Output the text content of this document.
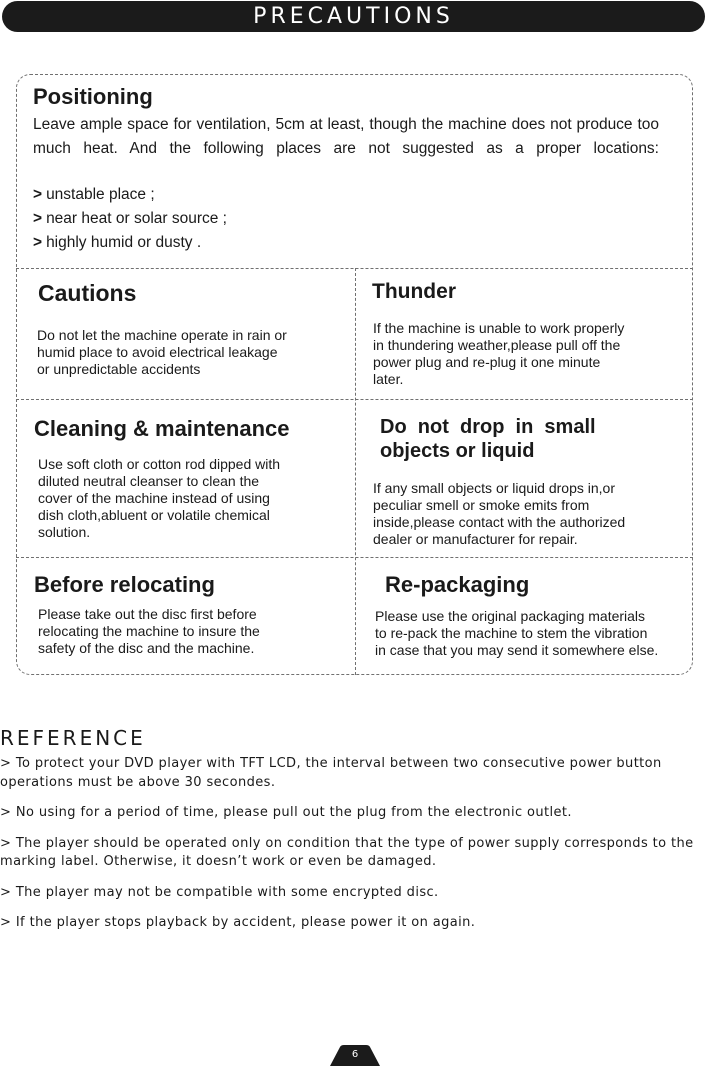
PRECAUTIONS
Positioning
Leave ample space for ventilation, 5cm at least, though the machine does not produce too much heat. And the following places are not suggested as a proper locations:
> unstable place ;
> near heat or solar source ;
> highly humid or dusty .
Cautions
Do not let the machine operate in rain or
humid place to avoid electrical leakage
or unpredictable accidents
Thunder
If the machine is unable to work properly
in thundering weather,please pull off the
power plug and re-plug it one minute
later.
Cleaning & maintenance
Use soft cloth or cotton rod dipped with
diluted neutral cleanser to clean the
cover of the machine instead of using
dish cloth,abluent or volatile chemical
solution.
Do  not  drop  in  small
objects or liquid
If any small objects or liquid drops in,or
peculiar smell or smoke emits from
inside,please contact with the authorized
dealer or manufacturer for repair.
Before relocating
Please take out the disc first before
relocating the machine to insure the
safety of the disc and the machine.
Re-packaging
Please use the original packaging materials
to re-pack the machine to stem the vibration
in case that you may send it somewhere else.
REFERENCE

> To protect your DVD player with TFT LCD, the interval between two consecutive power button operations must be above 30 secondes.

> No using for a period of time, please pull out the plug from the electronic outlet.

> The player should be operated only on condition that the type of power supply corresponds to the marking label. Otherwise, it doesn’t work or even be damaged.

> The player may not be compatible with some encrypted disc.

> If the player stops playback by accident, please power it on again.

6
